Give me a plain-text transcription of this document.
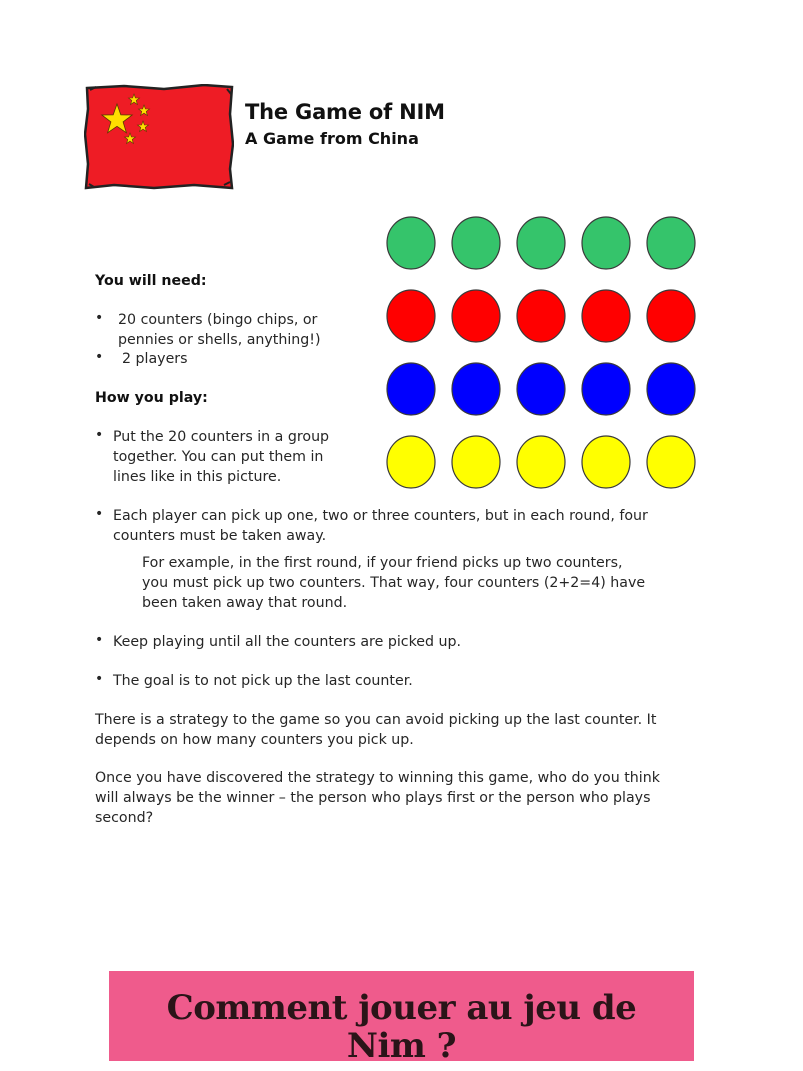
The Game of NIM
A Game from China
You will need:
• 20 counters (bingo chips, or
pennies or shells, anything!)
• 2 players
How you play:
• Put the 20 counters in a group
together. You can put them in
lines like in this picture.
• Each player can pick up one, two or three counters, but in each round, four
counters must be taken away.
For example, in the first round, if your friend picks up two counters,
you must pick up two counters. That way, four counters (2+2=4) have
been taken away that round.
• Keep playing until all the counters are picked up.
• The goal is to not pick up the last counter.
There is a strategy to the game so you can avoid picking up the last counter. It
depends on how many counters you pick up.
Once you have discovered the strategy to winning this game, who do you think
will always be the winner – the person who plays first or the person who plays
second?
Comment jouer au jeu de
Nim ?
